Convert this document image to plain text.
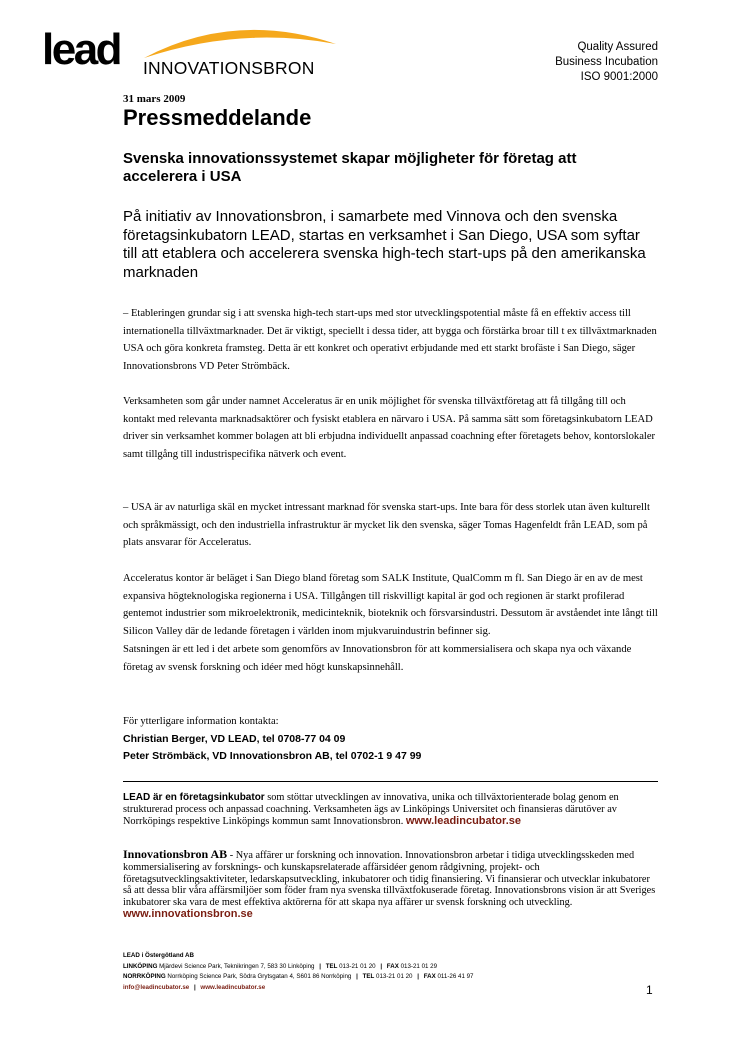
lead INNOVATIONSBRON
Quality Assured
Business Incubation
ISO 9001:2000
31 mars 2009
Pressmeddelande
Svenska innovationssystemet skapar möjligheter för företag att accelerera i USA
På initiativ av Innovationsbron, i samarbete med Vinnova och den svenska företagsinkubatorn LEAD, startas en verksamhet i San Diego, USA som syftar till att etablera och accelerera svenska high-tech start-ups på den amerikanska marknaden

– Etableringen grundar sig i att svenska high-tech start-ups med stor utvecklingspotential måste få en effektiv access till internationella tillväxtmarknader. Det är viktigt, speciellt i dessa tider, att bygga och förstärka broar till t ex tillväxtmarknaden USA och göra konkreta framsteg. Detta är ett konkret och operativt erbjudande med ett starkt brofäste i San Diego, säger Innovationsbrons VD Peter Strömbäck.

Verksamheten som går under namnet Acceleratus är en unik möjlighet för svenska tillväxtföretag att få tillgång till och kontakt med relevanta marknadsaktörer och fysiskt etablera en närvaro i USA. På samma sätt som företagsinkubatorn LEAD driver sin verksamhet kommer bolagen att bli erbjudna individuellt anpassad coachning efter företagets behov, kontorslokaler samt tillgång till industrispecifika nätverk och event.

– USA är av naturliga skäl en mycket intressant marknad för svenska start-ups. Inte bara för dess storlek utan även kulturellt och språkmässigt, och den industriella infrastruktur är mycket lik den svenska, säger Tomas Hagenfeldt från LEAD, som på plats ansvarar för Acceleratus.

Acceleratus kontor är beläget i San Diego bland företag som SALK Institute, QualComm m fl. San Diego är en av de mest expansiva högteknologiska regionerna i USA. Tillgången till riskvilligt kapital är god och regionen är starkt profilerad gentemot industrier som mikroelektronik, medicinteknik, bioteknik och försvarsindustri. Dessutom är avståendet inte långt till Silicon Valley där de ledande företagen i världen inom mjukvaruindustrin befinner sig.

Satsningen är ett led i det arbete som genomförs av Innovationsbron för att kommersialisera och skapa nya och växande företag av svensk forskning och idéer med högt kunskapsinnehåll.

För ytterligare information kontakta:
Christian Berger, VD LEAD, tel 0708-77 04 09
Peter Strömbäck, VD Innovationsbron AB, tel 0702-1 9 47 99
LEAD är en företagsinkubator som stöttar utvecklingen av innovativa, unika och tillväxtorienterade bolag genom en strukturerad process och anpassad coachning. Verksamheten ägs av Linköpings Universitet och finansieras därutöver av Norrköpings respektive Linköpings kommun samt Innovationsbron. www.leadincubator.se
Innovationsbron AB - Nya affärer ur forskning och innovation. Innovationsbron arbetar i tidiga utvecklingsskeden med kommersialisering av forsknings- och kunskapsrelaterade affärsidéer genom rådgivning, projekt- och företagsutvecklingsaktiviteter, ledarskapsutveckling, inkubatorer och tidig finansiering. Vi finansierar och utvecklar inkubatorer så att dessa blir våra affärsmiljöer som föder fram nya svenska tillväxtfokuserade företag. Innovationsbrons vision är att Sveriges inkubatorer ska vara de mest effektiva aktörerna för att skapa nya affärer ur svensk forskning och utveckling. www.innovationsbron.se
LEAD i Östergötland AB
LINKÖPING Mjärdevi Science Park, Teknikringen 7, 583 30 Linköping | TEL 013-21 01 20 | FAX 013-21 01 29
NORRKÖPING Norrköping Science Park, Södra Grytsgatan 4, S601 86 Norrköping | TEL 013-21 01 20 | FAX 011-26 41 97
info@leadincubator.se | www.leadincubator.se	1
